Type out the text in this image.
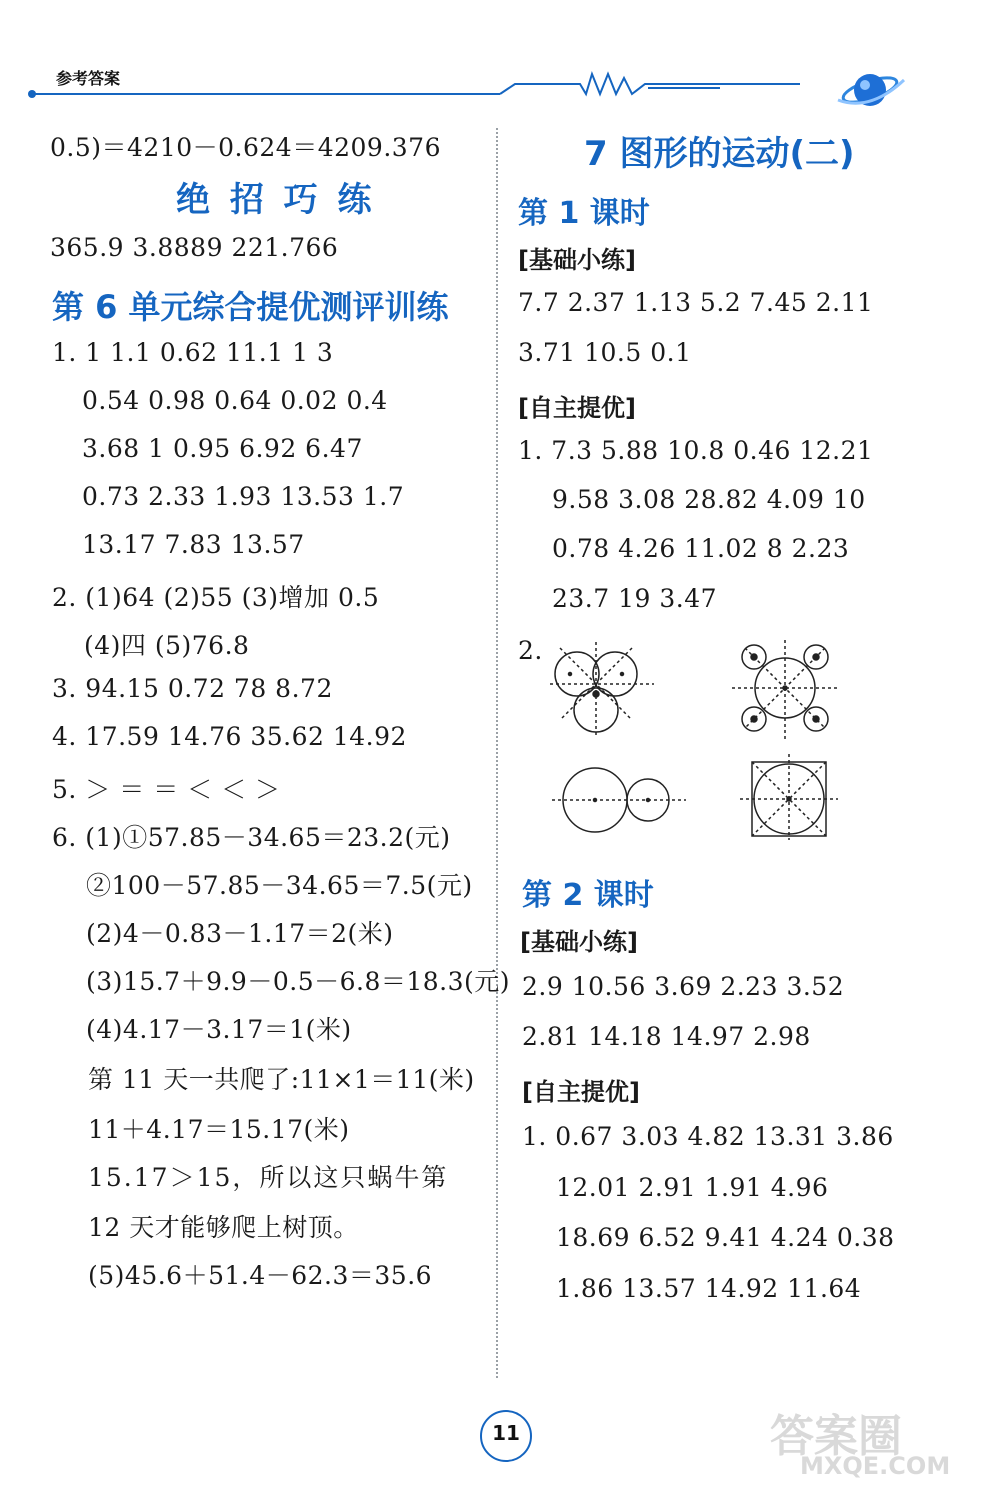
参考答案
0.5)＝4210－0.624＝4209.376
绝 招 巧 练
365.9 3.8889 221.766
第 6 单元综合提优测评训练
1. 1 1.1 0.62 11.1 1 3
0.54 0.98 0.64 0.02 0.4
3.68 1 0.95 6.92 6.47
0.73 2.33 1.93 13.53 1.7
13.17 7.83 13.57
2. (1)64 (2)55 (3)增加 0.5
(4)四 (5)76.8
3. 94.15 0.72 78 8.72
4. 17.59 14.76 35.62 14.92
5. ＞ ＝ ＝ ＜ ＜ ＞
6. (1)①57.85－34.65＝23.2(元)
②100－57.85－34.65＝7.5(元)
(2)4－0.83－1.17＝2(米)
(3)15.7＋9.9－0.5－6.8＝18.3(元)
(4)4.17－3.17＝1(米)
第 11 天一共爬了:11×1＝11(米)
11＋4.17＝15.17(米)
15.17＞15，所以这只蜗牛第
12 天才能够爬上树顶。
(5)45.6＋51.4－62.3＝35.6
7 图形的运动(二)
第 1 课时
[基础小练]
7.7 2.37 1.13 5.2 7.45 2.11
3.71 10.5 0.1
[自主提优]
1. 7.3 5.88 10.8 0.46 12.21
9.58 3.08 28.82 4.09 10
0.78 4.26 11.02 8 2.23
23.7 19 3.47
2.
第 2 课时
[基础小练]
2.9 10.56 3.69 2.23 3.52
2.81 14.18 14.97 2.98
[自主提优]
1. 0.67 3.03 4.82 13.31 3.86
12.01 2.91 1.91 4.96
18.69 6.52 9.41 4.24 0.38
1.86 13.57 14.92 11.64
11	答案圈
MXQE.COM
